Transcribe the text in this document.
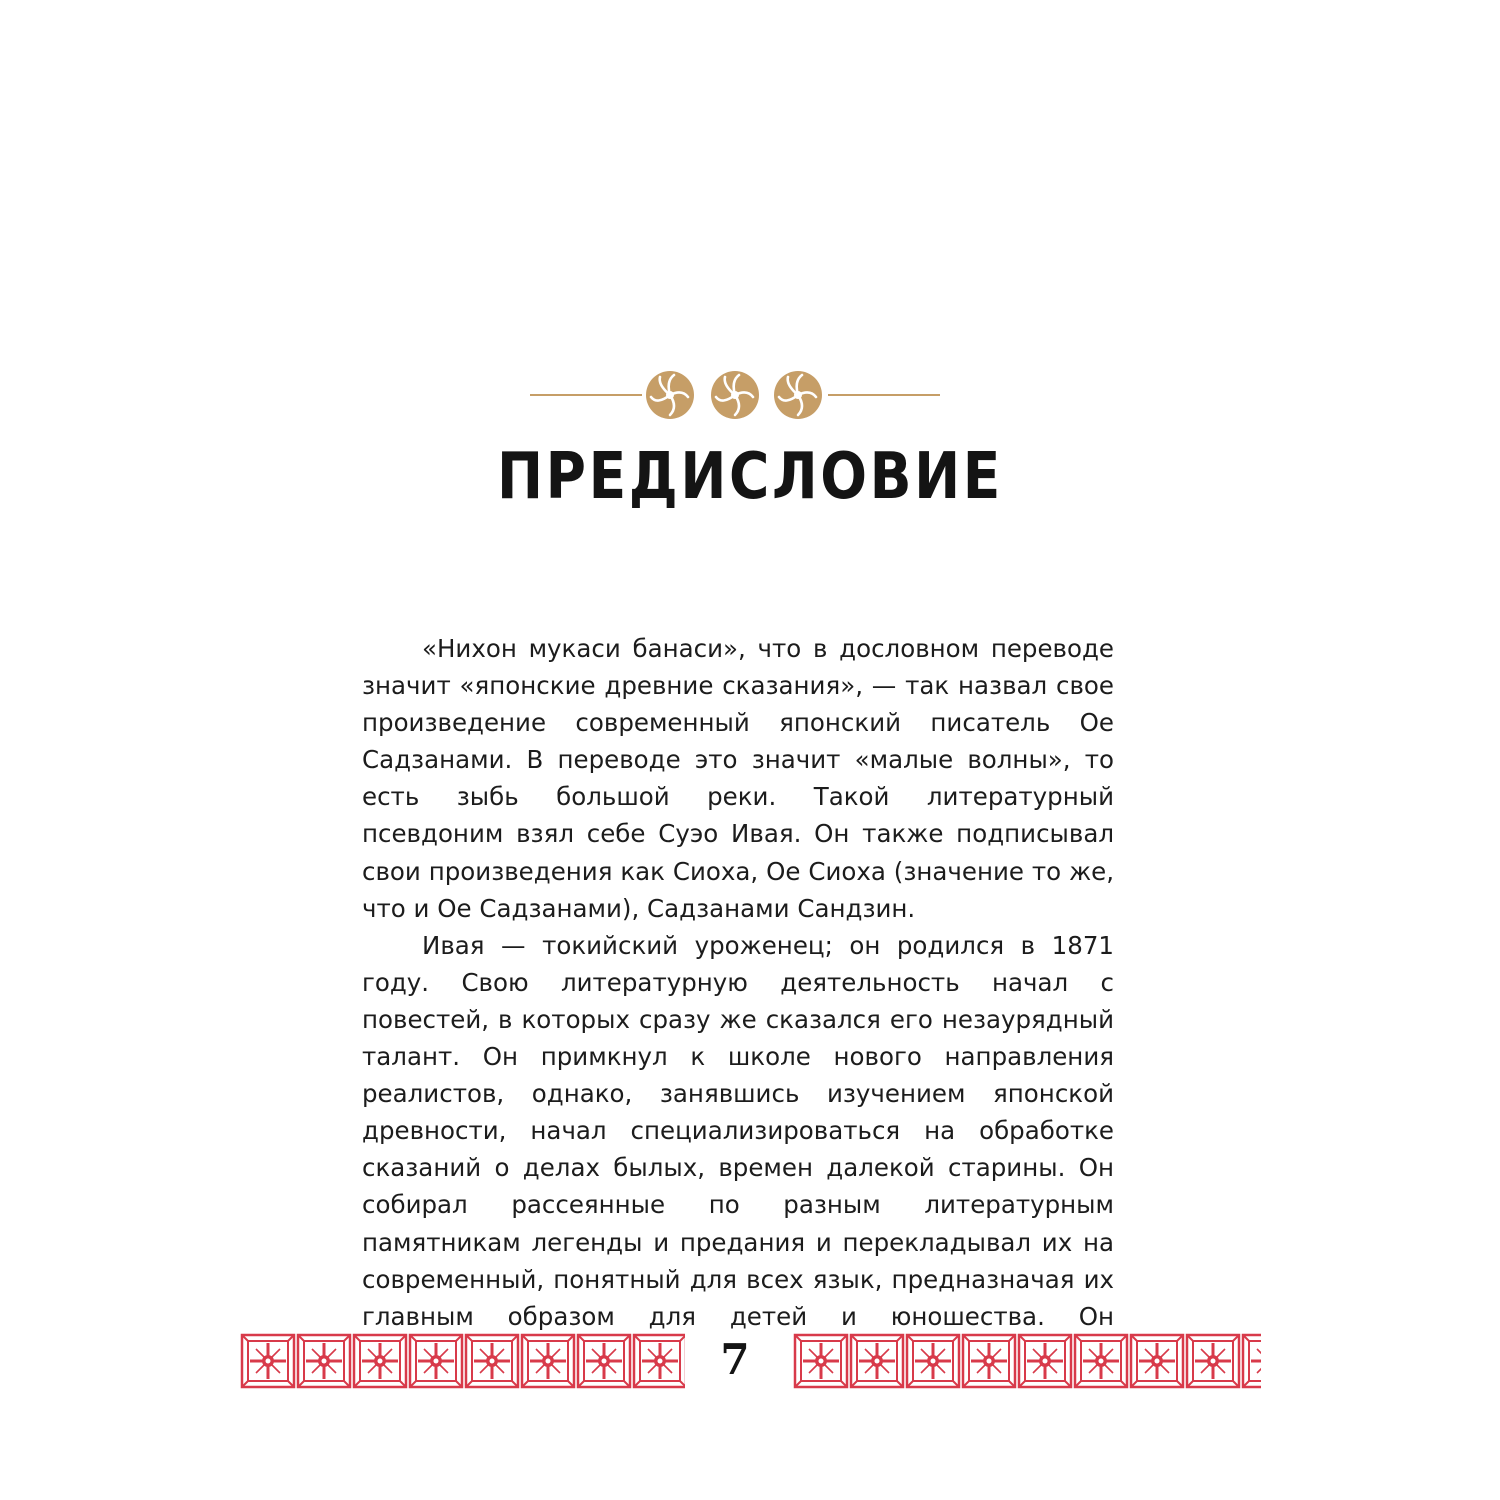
ПРЕДИСЛОВИЕ

«Нихон мукаси банаси», что в дословном переводе значит «японские древние сказания», — так назвал свое произведение современный японский писатель Ое Садзанами. В переводе это значит «малые волны», то есть зыбь большой реки. Такой литературный псевдоним взял себе Суэо Ивая. Он также подписывал свои произведения как Сиоха, Ое Сиоха (значение то же, что и Ое Садзанами), Садзанами Сандзин.

Ивая — токийский уроженец; он родился в 1871 году. Свою литературную деятельность начал с повестей, в которых сразу же сказался его незаурядный талант. Он примкнул к школе нового направления реалистов, однако, занявшись изучением японской древности, начал специализироваться на обработке сказаний о делах былых, времен далекой старины. Он собирал рассеянные по разным литературным памятникам легенды и предания и перекладывал их на современный, понятный для всех язык, предназначая их главным образом для детей и юношества. Он

7
